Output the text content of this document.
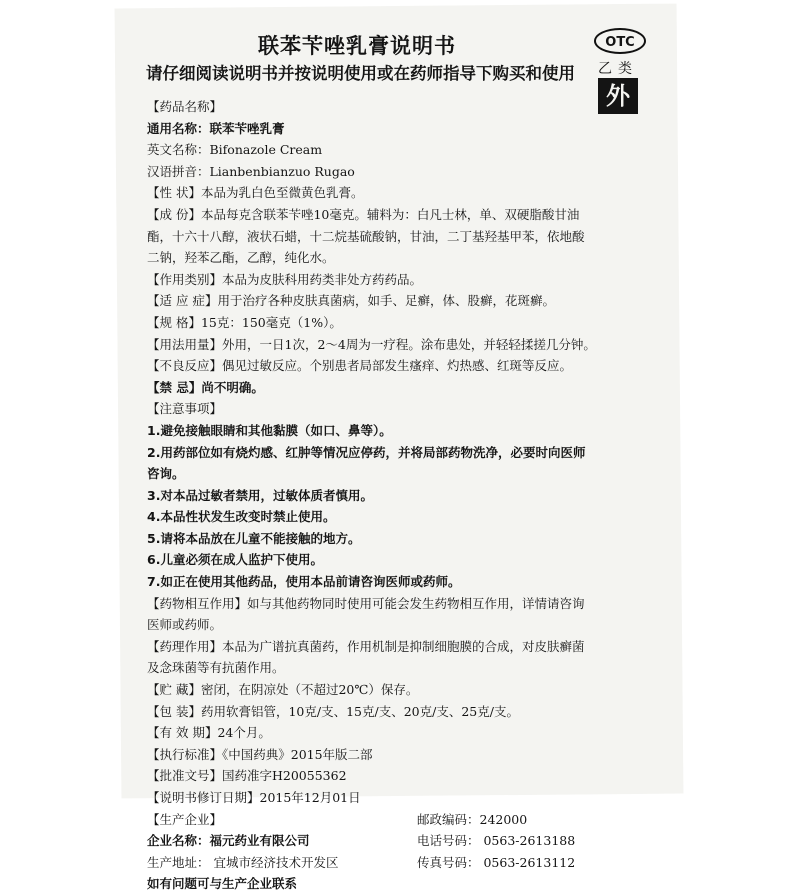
联苯苄唑乳膏说明书
请仔细阅读说明书并按说明使用或在药师指导下购买和使用
OTC
乙类
外
【药品名称】
通用名称：联苯苄唑乳膏
英文名称：Bifonazole Cream
汉语拼音：Lianbenbianzuo Rugao
【性 状】本品为乳白色至微黄色乳膏。
【成 份】本品每克含联苯苄唑10毫克。辅料为：白凡士林，单、双硬脂酸甘油酯，十六十八醇，液状石蜡，十二烷基硫酸钠，甘油，二丁基羟基甲苯，依地酸二钠，羟苯乙酯，乙醇，纯化水。
【作用类别】本品为皮肤科用药类非处方药药品。
【适 应 症】用于治疗各种皮肤真菌病，如手、足癣，体、股癣，花斑癣。
【规 格】15克：150毫克（1%）。
【用法用量】外用，一日1次，2～4周为一疗程。涂布患处，并轻轻揉搓几分钟。
【不良反应】偶见过敏反应。个别患者局部发生瘙痒、灼热感、红斑等反应。
【禁 忌】尚不明确。
【注意事项】
1.避免接触眼睛和其他黏膜（如口、鼻等）。
2.用药部位如有烧灼感、红肿等情况应停药，并将局部药物洗净，必要时向医师咨询。
3.对本品过敏者禁用，过敏体质者慎用。
4.本品性状发生改变时禁止使用。
5.请将本品放在儿童不能接触的地方。
6.儿童必须在成人监护下使用。
7.如正在使用其他药品，使用本品前请咨询医师或药师。
【药物相互作用】如与其他药物同时使用可能会发生药物相互作用，详情请咨询医师或药师。
【药理作用】本品为广谱抗真菌药，作用机制是抑制细胞膜的合成，对皮肤癣菌及念珠菌等有抗菌作用。
【贮 藏】密闭，在阴凉处（不超过20℃）保存。
【包 装】药用软膏铝管，10克/支、15克/支、20克/支、25克/支。
【有 效 期】24个月。
【执行标准】《中国药典》2015年版二部
【批准文号】国药准字H20055362
【说明书修订日期】2015年12月01日
【生产企业】	邮政编码：242000
企业名称：福元药业有限公司	电话号码： 0563-2613188
生产地址： 宜城市经济技术开发区	传真号码： 0563-2613112
如有问题可与生产企业联系
